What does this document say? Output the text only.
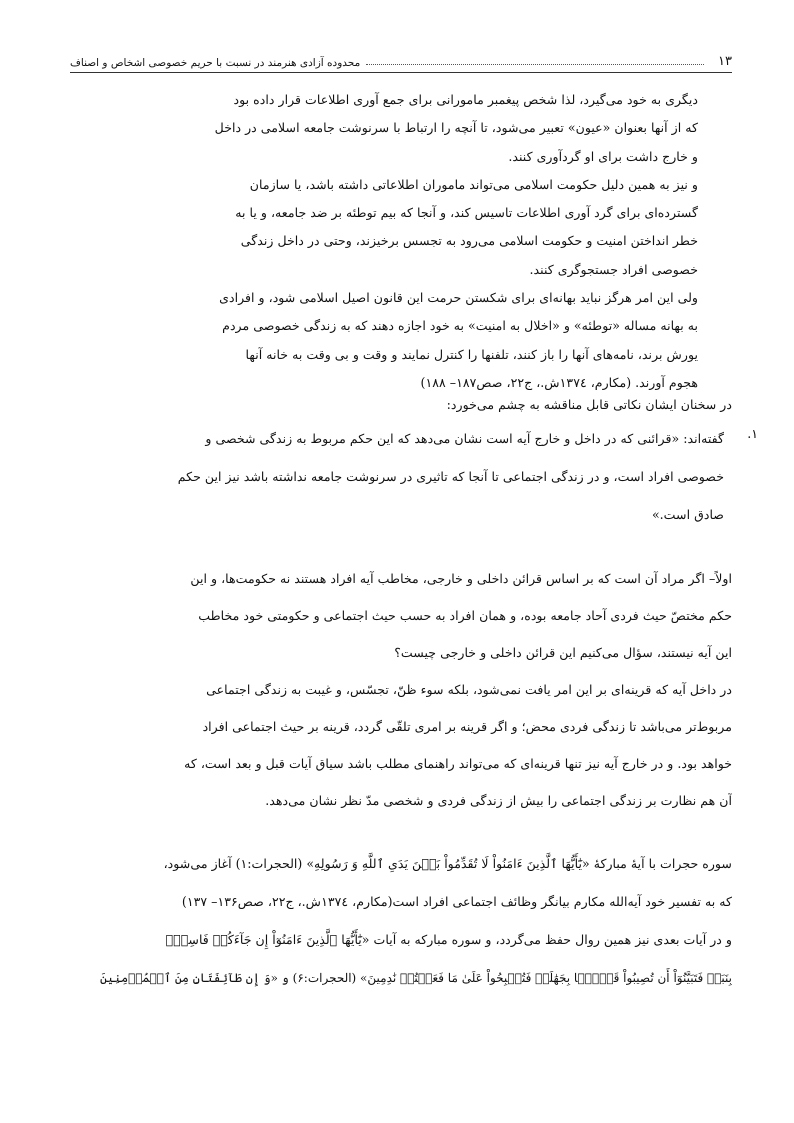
۱۳
محدوده آزادی هنرمند در نسبت با حریم خصوصی اشخاص و اصناف
دیگری به خود می‌گیرد، لذا شخص پیغمبر مامورانی برای جمع آوری اطلاعات قرار داده بود
که از آنها بعنوان «عیون» تعبیر می‌شود، تا آنچه را ارتباط با سرنوشت جامعه اسلامی در داخل
و خارج داشت برای او گردآوری کنند.
و نیز به همین دلیل حکومت اسلامی می‌تواند ماموران اطلاعاتی داشته باشد، یا سازمان
گسترده‌ای برای گرد آوری اطلاعات تاسیس کند، و آنجا که بیم توطئه بر ضد جامعه، و یا به
خطر انداختن امنیت و حکومت اسلامی می‌رود به تجسس برخیزند، وحتی در داخل زندگی
خصوصی افراد جستجوگری کنند.
ولی این امر هرگز نباید بهانه‌ای برای شکستن حرمت این قانون اصیل اسلامی شود، و افرادی
به بهانه مساله «توطئه» و «اخلال به امنیت» به خود اجازه دهند که به زندگی خصوصی مردم
یورش برند، نامه‌های آنها را باز کنند، تلفنها را کنترل نمایند و وقت و بی وقت به خانه آنها
هجوم آورند. (مکارم، ۱۳۷٤ش.، ج۲۲، صص۱۸۷– ۱۸۸)
در سخنان ایشان نکاتی قابل مناقشه به چشم می‌خورد:
۱.
گفته‌اند: «قرائنی که در داخل و خارج آیه است نشان می‌دهد که این حکم مربوط به زندگی شخصی و
خصوصی افراد است، و در زندگی اجتماعی تا آنجا که تاثیری در سرنوشت جامعه نداشته باشد نیز این حکم
صادق است.»
اولاً– اگر مراد آن است که بر اساس قرائن داخلی و خارجی، مخاطب آیه افراد هستند نه حکومت‌ها، و این
حکم مختصّ حیث فردی آحاد جامعه بوده، و همان افراد به حسب حیث اجتماعی و حکومتی خود مخاطب
این آیه نیستند، سؤال می‌کنیم این قرائن داخلی و خارجی چیست؟
در داخل آیه که قرینه‌ای بر این امر یافت نمی‌شود، بلکه سوء ظنّ، تجسّس، و غیبت به زندگی اجتماعی
مربوط‌تر می‌باشد تا زندگی فردی محض؛ و اگر قرینه بر امری تلقّی گردد، قرینه بر حیث اجتماعی افراد
خواهد بود. و در خارج آیه نیز تنها قرینه‌ای که می‌تواند راهنمای مطلب باشد سیاق آیات قبل و بعد است، که
آن هم نظارت بر زندگی اجتماعی را بیش از زندگی فردی و شخصی مدّ نظر نشان می‌دهد.
سوره حجرات با آیهٔ مبارکهٔ «یَٰٓأَیُّهَا ٱلَّذِینَ ءَامَنُواْ لَا تُقَدِّمُواْ بَیۡنَ یَدَیِ ٱللَّهِ وَ رَسُولِهِ» (الحجرات:۱) آغاز می‌شود،
که به تفسیر خود آیه‌الله مکارم بیانگر وظائف اجتماعی افراد است(مکارم، ۱۳۷٤ش.، ج۲۲، صص۱۳۶– ۱۳۷)
و در آیات بعدی نیز همین روال حفظ می‌گردد، و سوره مبارکه به آیات «یَٰٓأَیُّهَا ٱلَّذِینَ ءَامَنُوٓاْ إِن جَآءَکُمۡ فَاسِقُۢ
بِنَبَإٖ فَتَبَیَّنُوٓاْ أَن تُصِیبُواْ قَوۡمَۢا بِجَهَٰلَةٖ فَتُصۡبِحُواْ عَلَیٰ مَا فَعَلۡتُمۡ نَٰدِمِینَ» (الحجرات:۶) و «وَ إِن طَآئِفَتَانِ مِنَ ٱلۡمُؤۡمِنِینَ
